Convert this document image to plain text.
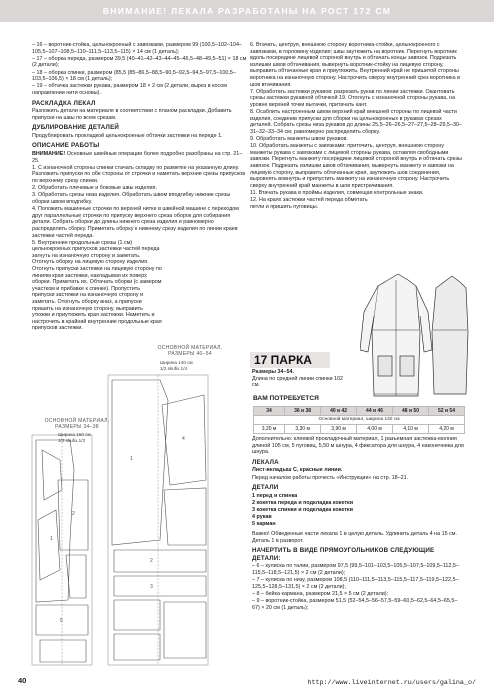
ВНИМАНИЕ! ЛЕКАЛА РАЗРАБОТАНЫ НА РОСТ 172 СМ

– 16 – воротник-стойка, цельнокроеный с завязками, размером 99 (100,5–102–104–105,5–107–108,5–110–111,5–113,5–115) × 14 см (1 деталь);

– 17 – оборка переда, размером 39,5 (40–41–42–43–44–45–46,5–48–49,5–51) × 18 см (2 детали);

– 18 – оборка спинки, размером (85,5 (85–86,5–88,5–90,5–92,5–94,5–97,5–100,5–103,5–106,5) × 18 см (1 деталь);

– 19 – обтачка застежки рукава, размером 18 × 2 см (2 детали, вырез в косом направлении нити основы).

РАСКЛАДКА ЛЕКАЛ

Разложить детали на материале в соответствии с планом раскладки. Добавить припуски на швы по всем срезам.

ДУБЛИРОВАНИЕ ДЕТАЛЕЙ

Продублировать прокладкой цельнокроеные обтачки застежки на переде 1.

ОПИСАНИЕ РАБОТЫ

ВНИМАНИЕ! Основные швейные операции более подробно разобраны на стр. 21–25.

1. С изнаночной стороны спинки стачать складку по разметке на указанную длину. Разложить припуски по обе стороны от строчки и наметать верхние срезы припусков по верхнему срезу спинки.

2. Обработать плечевые и боковые швы изделия.

3. Обработать срезы низа изделия. Обработать швом вподгибку нижние срезы оборки швом вподгибку.

4. Положить машинные строчки по верхней нитке в швейной машине с переходом друг параллельные строчки по припуску верхнего среза оборок для собирания детали. Собрать оборки до длины нижнего среза изделия и равномерно распределить сборку. Приметать оборку к нижнему срезу изделия по линии краев застежки частей переда.

5. Внутренние продольные срезы (1 см) цельнокроеных припусков застежки частей переда загнуть на изнаночную сторону и заметать. Отогнуть оборку на лицевую сторону изделия. Отогнуть припуски застежки на лицевую сторону по линиям края застежки, накладывая их поверх оборки. Приметать их. Обтачать оборки (с замером участком и прибавке к спинке). Пропустить припуски застежки на изнаночную сторону и заметать. Отогнуть оборку вниз, а припуски пришить на изнаночную сторону, выправить утюжки и приутюжить края застежки. Наметить и настрочить в крайний внутренние продольные края припусков застежки.

1
2
5
1
4
2
3
ОСНОВНОЙ МАТЕРИАЛ,
РАЗМЕРЫ 34–38
Ширина 150 см
1/2 skufix.1/3
ОСНОВНОЙ МАТЕРИАЛ,
РАЗМЕРЫ 40–54
Ширина 140 см
1/2 skufix.1/4

6. Втачать, центруя, внешнюю сторону воротника-стойки, цельнокроеного с завязками, в горловину изделия; швы заутюжить на воротник. Перегнуть воротник вдоль посередине лицевой стороной внутрь и обтачать концы завязок. Подрезать излишки швов обтачивания, вывернуть воротник-стойку на лицевую сторону, выправить обтачанные края и приутюжить. Внутренний край не пришитой стороны воротника на изнаночную сторону. Настрочить сверху внутренний срез воротника в шов втачивания.

7. Обработать застежки рукавов: разрезать рукав по линии застежки. Окантовать срезы застежки рукавной обтачкой 19. Отогнуть с изнаночной стороны рукава, на уровне верхней точки вытачки, притачать кант.

8. Осаблить настроенным швом верхний край внешней стороны по лицевой части изделия, соединив припуски для сборки на цельнокроеных в рукавах срезах деталей. Собрать срезы низа рукавов до длины 25,5–26–26,5–27–27,5–28–29,5–30–31–32–33–34 см; равномерно распределить сборку.

9. Обработать манжеты швом рукавов.

10. Обработать манжеты с завязками: приточить, центруя, внешнюю сторону манжеты рукава с завязками с лицевой стороны рукава, оставляя свободными завязки. Перегнуть манжету посередине лицевой стороной внутрь и обтачать срезы завязок. Подрезать излишки швов обтачивания, вывернуть манжету и завязки на лицевую сторону, выправить обтачанные края, заутюжить шов соединения, выровнять вовнутрь и припустить манжету на изнаночную сторону. Настрочить сверху внутренний край манжеты в шов пристрачивания.

11. Втачать рукава в проймы изделия, совмещая контрольные знаки.

12. На краях застежки частей переда обметать петли и пришить пуговицы.

17 ПАРКА
Размеры 34–54.
Длина по средней линии спинки 102 см.
ВАМ ПОТРЕБУЕТСЯ
34	36 и 38	40 и 42	44 и 46	48 и 50	52 и 54
Основной материал, ширина 140 см					
3,20 м	3,30 м	3,90 м	4,00 м	4,10 м	4,20 м

Дополнительно: клеевой прокладочный материал, 1 разъемная застежка-молния длиной 105 см, 5 пуговиц, 5,50 м шнура, 4 фиксатора для шнура, 4 наконечника для шнура.

ЛЕКАЛА

Лист-вкладыш С, красные линии.

Перед началом работы прочесть «Инструкции» на стр. 18–21.

ДЕТАЛИ

1 перед и спинка

2 кокетка переда и подкладка кокетки

3 кокетка спинки и подкладка кокетки

4 рукав

5 карман

Важно! Обведенные части лекала 1 в целую деталь. Удлинить деталь 4 на 15 см. Деталь 1 в разворот.

НАЧЕРТИТЬ В ВИДЕ ПРЯМОУГОЛЬНИКОВ СЛЕДУЮЩИЕ ДЕТАЛИ:

– 6 – кулиска по талии, размером 97,5 (99,5–101–103,5–105,5–107,5–109,5–112,5–115,5–118,5–121,5) × 2 см (2 детали);

– 7 – кулиска по низу, размером 108,5 (110–111,5–113,5–115,5–117,5–119,5–122,5–125,5–128,5–131,5) × 2 см (2 детали);

– 8 – бейка кармана, размером 21,5 × 5 см (2 детали);

– 9 – воротник-стойка, размером 51,5 (52–54,5–56–57,5–59–60,5–62,5–64,5–65,5–67) × 20 см (1 деталь);

40	http://www.liveinternet.ru/users/galina_o/
